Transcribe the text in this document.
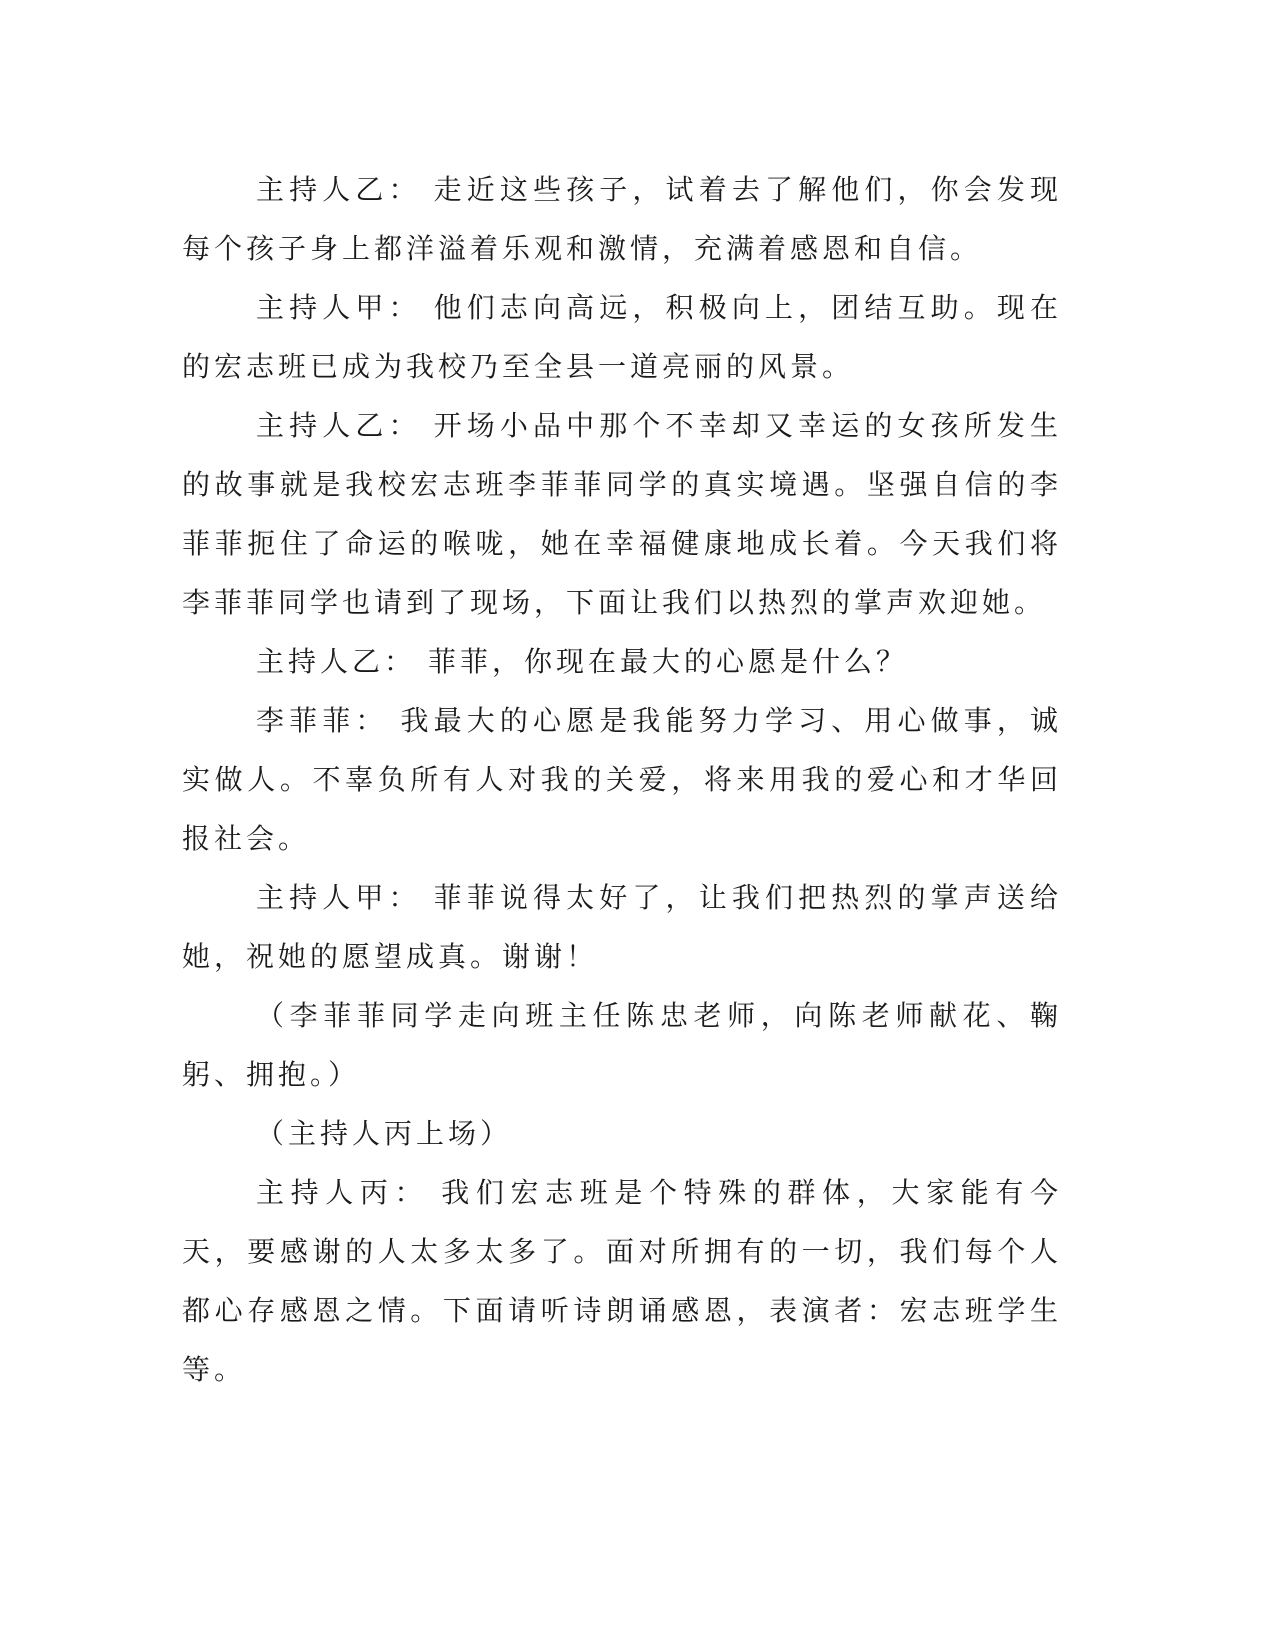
主持人乙： 走近这些孩子，试着去了解他们，你会发现每个孩子身上都洋溢着乐观和激情，充满着感恩和自信。

主持人甲： 他们志向高远，积极向上，团结互助。现在的宏志班已成为我校乃至全县一道亮丽的风景。

主持人乙： 开场小品中那个不幸却又幸运的女孩所发生的故事就是我校宏志班李菲菲同学的真实境遇。坚强自信的李菲菲扼住了命运的喉咙，她在幸福健康地成长着。今天我们将李菲菲同学也请到了现场，下面让我们以热烈的掌声欢迎她。

主持人乙： 菲菲，你现在最大的心愿是什么？

李菲菲： 我最大的心愿是我能努力学习、用心做事，诚实做人。不辜负所有人对我的关爱，将来用我的爱心和才华回报社会。

主持人甲： 菲菲说得太好了，让我们把热烈的掌声送给她，祝她的愿望成真。谢谢！

（李菲菲同学走向班主任陈忠老师，向陈老师献花、鞠躬、拥抱。）

（主持人丙上场）

主持人丙： 我们宏志班是个特殊的群体，大家能有今天，要感谢的人太多太多了。面对所拥有的一切，我们每个人都心存感恩之情。下面请听诗朗诵感恩，表演者：宏志班学生 等。
